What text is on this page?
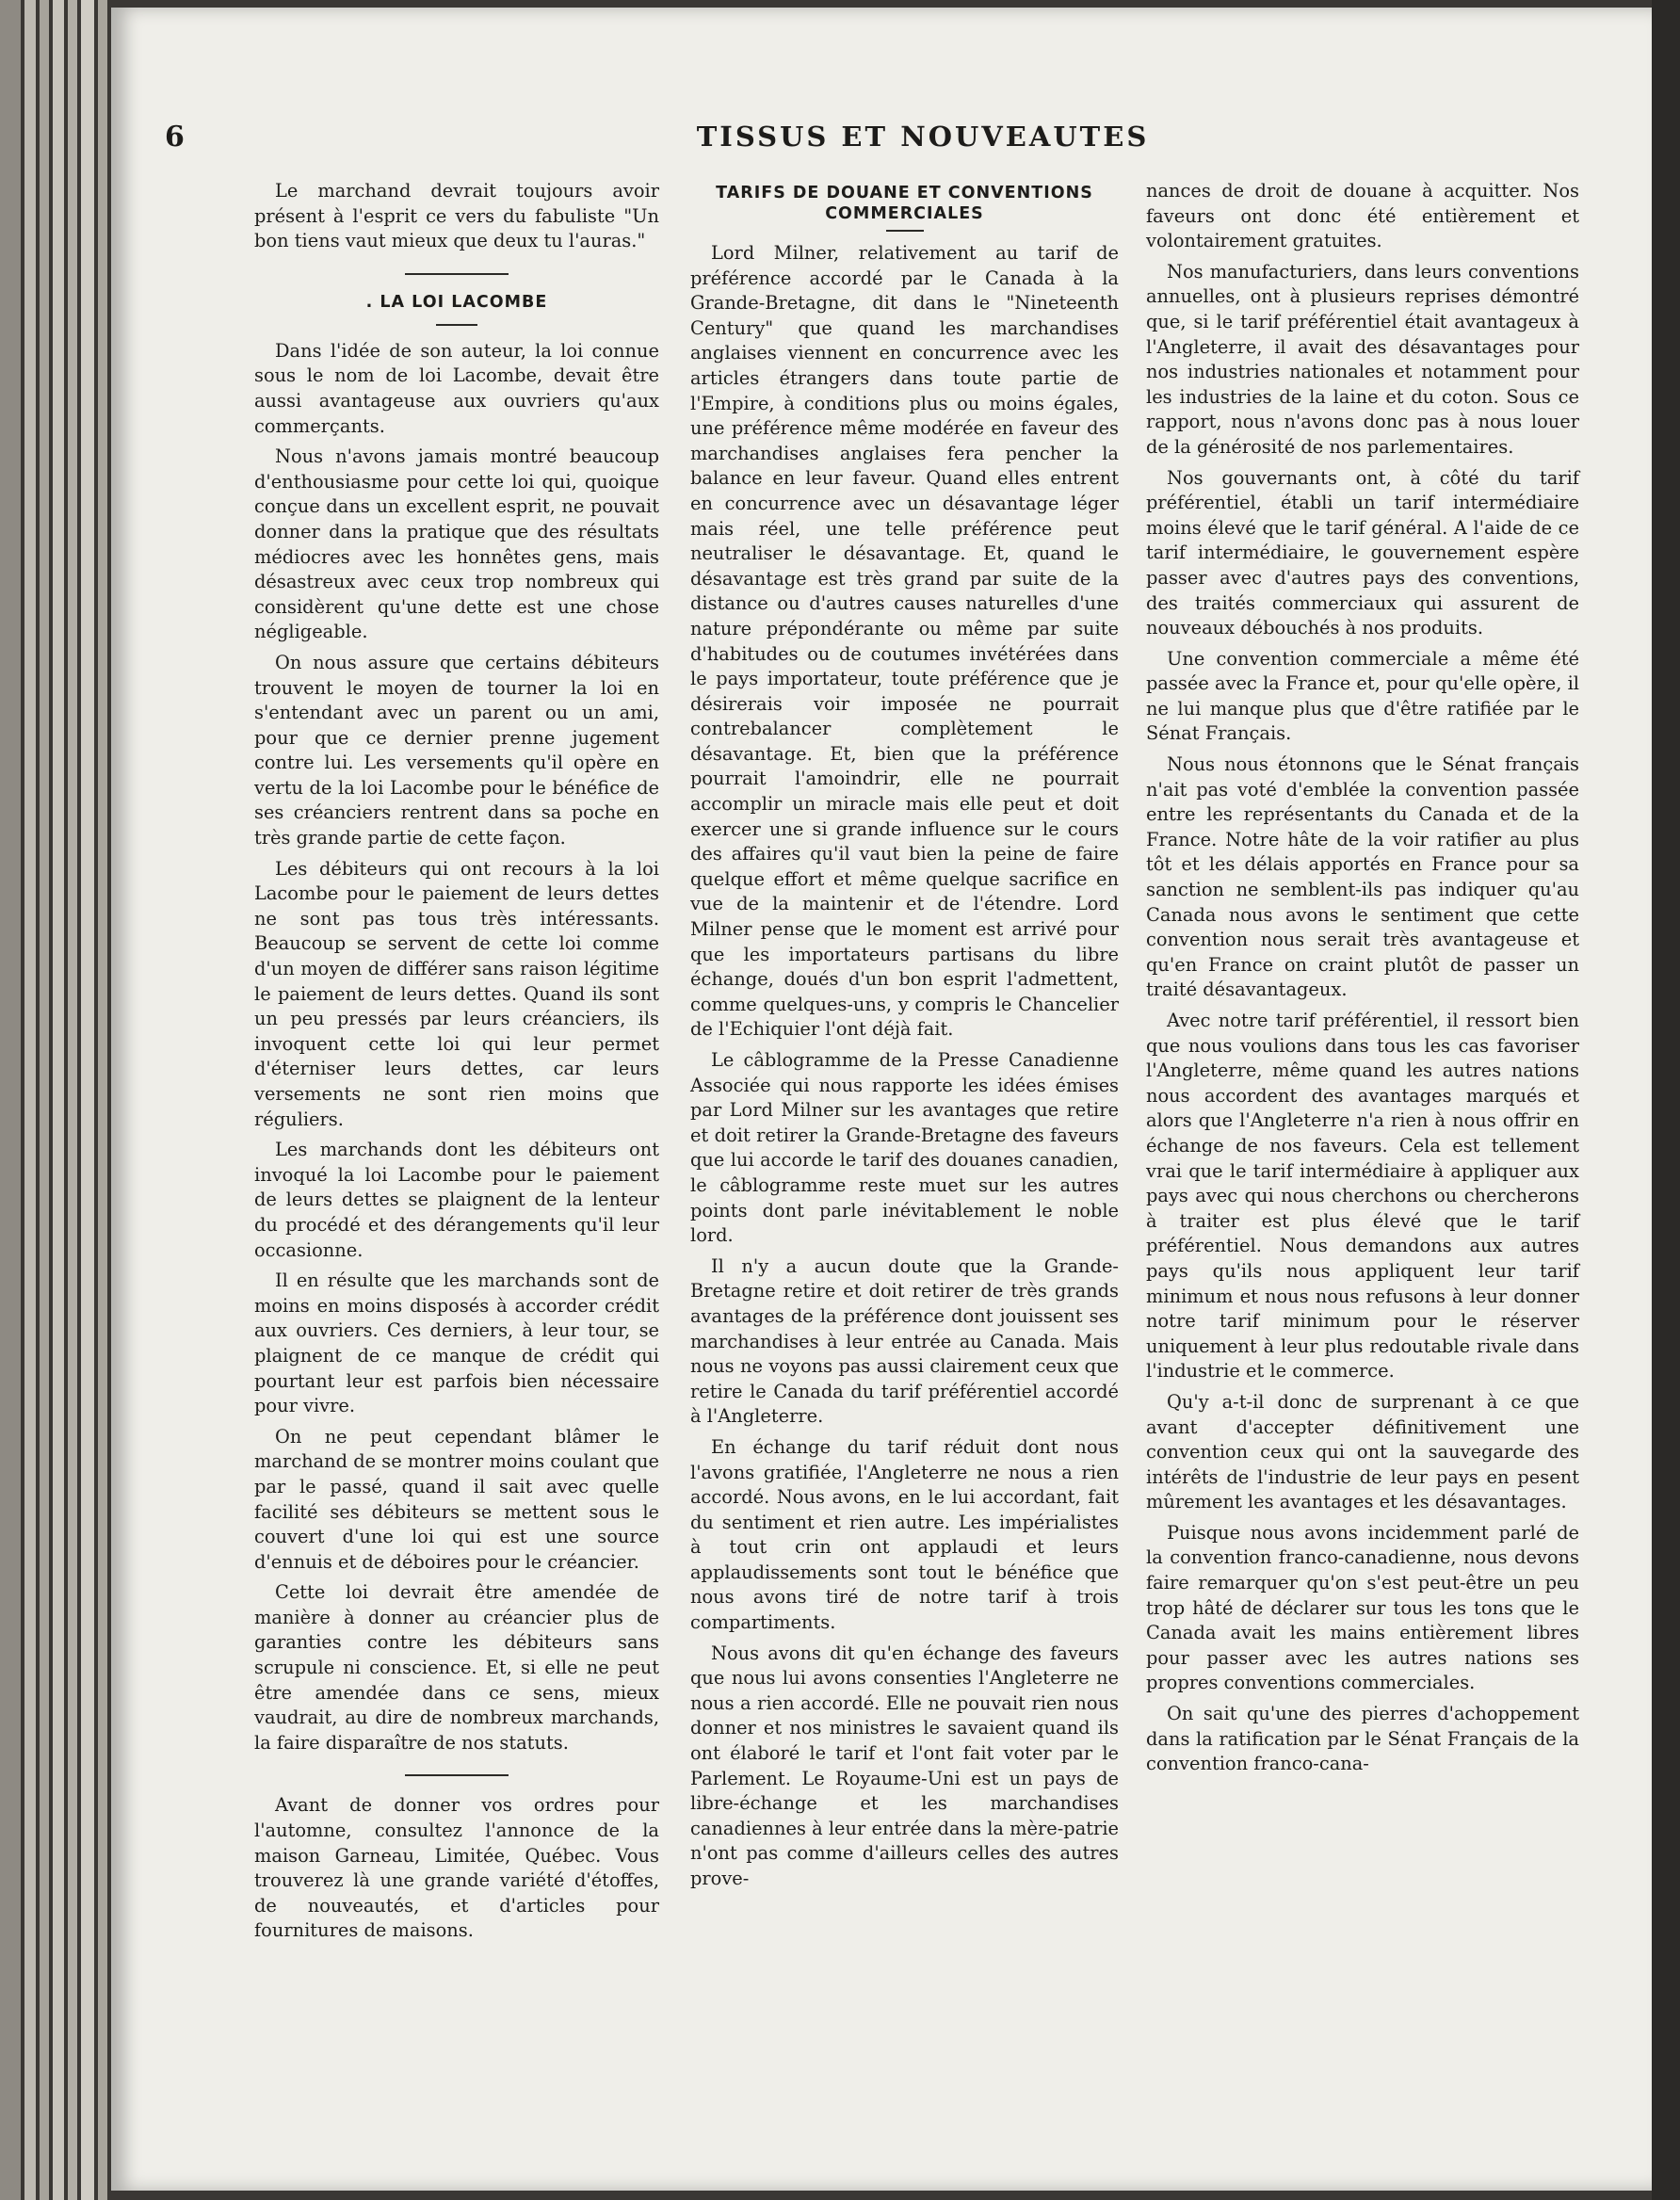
6	TISSUS ET NOUVEAUTES

Le marchand devrait toujours avoir présent à l'esprit ce vers du fabuliste "Un bon tiens vaut mieux que deux tu l'auras."

. LA LOI LACOMBE

Dans l'idée de son auteur, la loi connue sous le nom de loi Lacombe, devait être aussi avantageuse aux ouvriers qu'aux commerçants.

Nous n'avons jamais montré beaucoup d'enthousiasme pour cette loi qui, quoique conçue dans un excellent esprit, ne pouvait donner dans la pratique que des résultats médiocres avec les honnêtes gens, mais désastreux avec ceux trop nombreux qui considèrent qu'une dette est une chose négligeable.

On nous assure que certains débiteurs trouvent le moyen de tourner la loi en s'entendant avec un parent ou un ami, pour que ce dernier prenne jugement contre lui. Les versements qu'il opère en vertu de la loi Lacombe pour le bénéfice de ses créanciers rentrent dans sa poche en très grande partie de cette façon.

Les débiteurs qui ont recours à la loi Lacombe pour le paiement de leurs dettes ne sont pas tous très intéressants. Beaucoup se servent de cette loi comme d'un moyen de différer sans raison légitime le paiement de leurs dettes. Quand ils sont un peu pressés par leurs créanciers, ils invoquent cette loi qui leur permet d'éterniser leurs dettes, car leurs versements ne sont rien moins que réguliers.

Les marchands dont les débiteurs ont invoqué la loi Lacombe pour le paiement de leurs dettes se plaignent de la lenteur du procédé et des dérangements qu'il leur occasionne.

Il en résulte que les marchands sont de moins en moins disposés à accorder crédit aux ouvriers. Ces derniers, à leur tour, se plaignent de ce manque de crédit qui pourtant leur est parfois bien nécessaire pour vivre.

On ne peut cependant blâmer le marchand de se montrer moins coulant que par le passé, quand il sait avec quelle facilité ses débiteurs se mettent sous le couvert d'une loi qui est une source d'ennuis et de déboires pour le créancier.

Cette loi devrait être amendée de manière à donner au créancier plus de garanties contre les débiteurs sans scrupule ni conscience. Et, si elle ne peut être amendée dans ce sens, mieux vaudrait, au dire de nombreux marchands, la faire disparaître de nos statuts.

Avant de donner vos ordres pour l'automne, consultez l'annonce de la maison Garneau, Limitée, Québec. Vous trouverez là une grande variété d'étoffes, de nouveautés, et d'articles pour fournitures de maisons.

TARIFS DE DOUANE ET CONVENTIONS COMMERCIALES

Lord Milner, relativement au tarif de préférence accordé par le Canada à la Grande-Bretagne, dit dans le "Nineteenth Century" que quand les marchandises anglaises viennent en concurrence avec les articles étrangers dans toute partie de l'Empire, à conditions plus ou moins égales, une préférence même modérée en faveur des marchandises anglaises fera pencher la balance en leur faveur. Quand elles entrent en concurrence avec un désavantage léger mais réel, une telle préférence peut neutraliser le désavantage. Et, quand le désavantage est très grand par suite de la distance ou d'autres causes naturelles d'une nature prépondérante ou même par suite d'habitudes ou de coutumes invétérées dans le pays importateur, toute préférence que je désirerais voir imposée ne pourrait contrebalancer complètement le désavantage. Et, bien que la préférence pourrait l'amoindrir, elle ne pourrait accomplir un miracle mais elle peut et doit exercer une si grande influence sur le cours des affaires qu'il vaut bien la peine de faire quelque effort et même quelque sacrifice en vue de la maintenir et de l'étendre. Lord Milner pense que le moment est arrivé pour que les importateurs partisans du libre échange, doués d'un bon esprit l'admettent, comme quelques-uns, y compris le Chancelier de l'Echiquier l'ont déjà fait.

Le câblogramme de la Presse Canadienne Associée qui nous rapporte les idées émises par Lord Milner sur les avantages que retire et doit retirer la Grande-Bretagne des faveurs que lui accorde le tarif des douanes canadien, le câblogramme reste muet sur les autres points dont parle inévitablement le noble lord.

Il n'y a aucun doute que la Grande-Bretagne retire et doit retirer de très grands avantages de la préférence dont jouissent ses marchandises à leur entrée au Canada. Mais nous ne voyons pas aussi clairement ceux que retire le Canada du tarif préférentiel accordé à l'Angleterre.

En échange du tarif réduit dont nous l'avons gratifiée, l'Angleterre ne nous a rien accordé. Nous avons, en le lui accordant, fait du sentiment et rien autre. Les impérialistes à tout crin ont applaudi et leurs applaudissements sont tout le bénéfice que nous avons tiré de notre tarif à trois compartiments.

Nous avons dit qu'en échange des faveurs que nous lui avons consenties l'Angleterre ne nous a rien accordé. Elle ne pouvait rien nous donner et nos ministres le savaient quand ils ont élaboré le tarif et l'ont fait voter par le Parlement. Le Royaume-Uni est un pays de libre-échange et les marchandises canadiennes à leur entrée dans la mère-patrie n'ont pas comme d'ailleurs celles des autres prove-

nances de droit de douane à acquitter. Nos faveurs ont donc été entièrement et volontairement gratuites.

Nos manufacturiers, dans leurs conventions annuelles, ont à plusieurs reprises démontré que, si le tarif préférentiel était avantageux à l'Angleterre, il avait des désavantages pour nos industries nationales et notamment pour les industries de la laine et du coton. Sous ce rapport, nous n'avons donc pas à nous louer de la générosité de nos parlementaires.

Nos gouvernants ont, à côté du tarif préférentiel, établi un tarif intermédiaire moins élevé que le tarif général. A l'aide de ce tarif intermédiaire, le gouvernement espère passer avec d'autres pays des conventions, des traités commerciaux qui assurent de nouveaux débouchés à nos produits.

Une convention commerciale a même été passée avec la France et, pour qu'elle opère, il ne lui manque plus que d'être ratifiée par le Sénat Français.

Nous nous étonnons que le Sénat français n'ait pas voté d'emblée la convention passée entre les représentants du Canada et de la France. Notre hâte de la voir ratifier au plus tôt et les délais apportés en France pour sa sanction ne semblent-ils pas indiquer qu'au Canada nous avons le sentiment que cette convention nous serait très avantageuse et qu'en France on craint plutôt de passer un traité désavantageux.

Avec notre tarif préférentiel, il ressort bien que nous voulions dans tous les cas favoriser l'Angleterre, même quand les autres nations nous accordent des avantages marqués et alors que l'Angleterre n'a rien à nous offrir en échange de nos faveurs. Cela est tellement vrai que le tarif intermédiaire à appliquer aux pays avec qui nous cherchons ou chercherons à traiter est plus élevé que le tarif préférentiel. Nous demandons aux autres pays qu'ils nous appliquent leur tarif minimum et nous nous refusons à leur donner notre tarif minimum pour le réserver uniquement à leur plus redoutable rivale dans l'industrie et le commerce.

Qu'y a-t-il donc de surprenant à ce que avant d'accepter définitivement une convention ceux qui ont la sauvegarde des intérêts de l'industrie de leur pays en pesent mûrement les avantages et les désavantages.

Puisque nous avons incidemment parlé de la convention franco-canadienne, nous devons faire remarquer qu'on s'est peut-être un peu trop hâté de déclarer sur tous les tons que le Canada avait les mains entièrement libres pour passer avec les autres nations ses propres conventions commerciales.

On sait qu'une des pierres d'achoppement dans la ratification par le Sénat Français de la convention franco-cana-
